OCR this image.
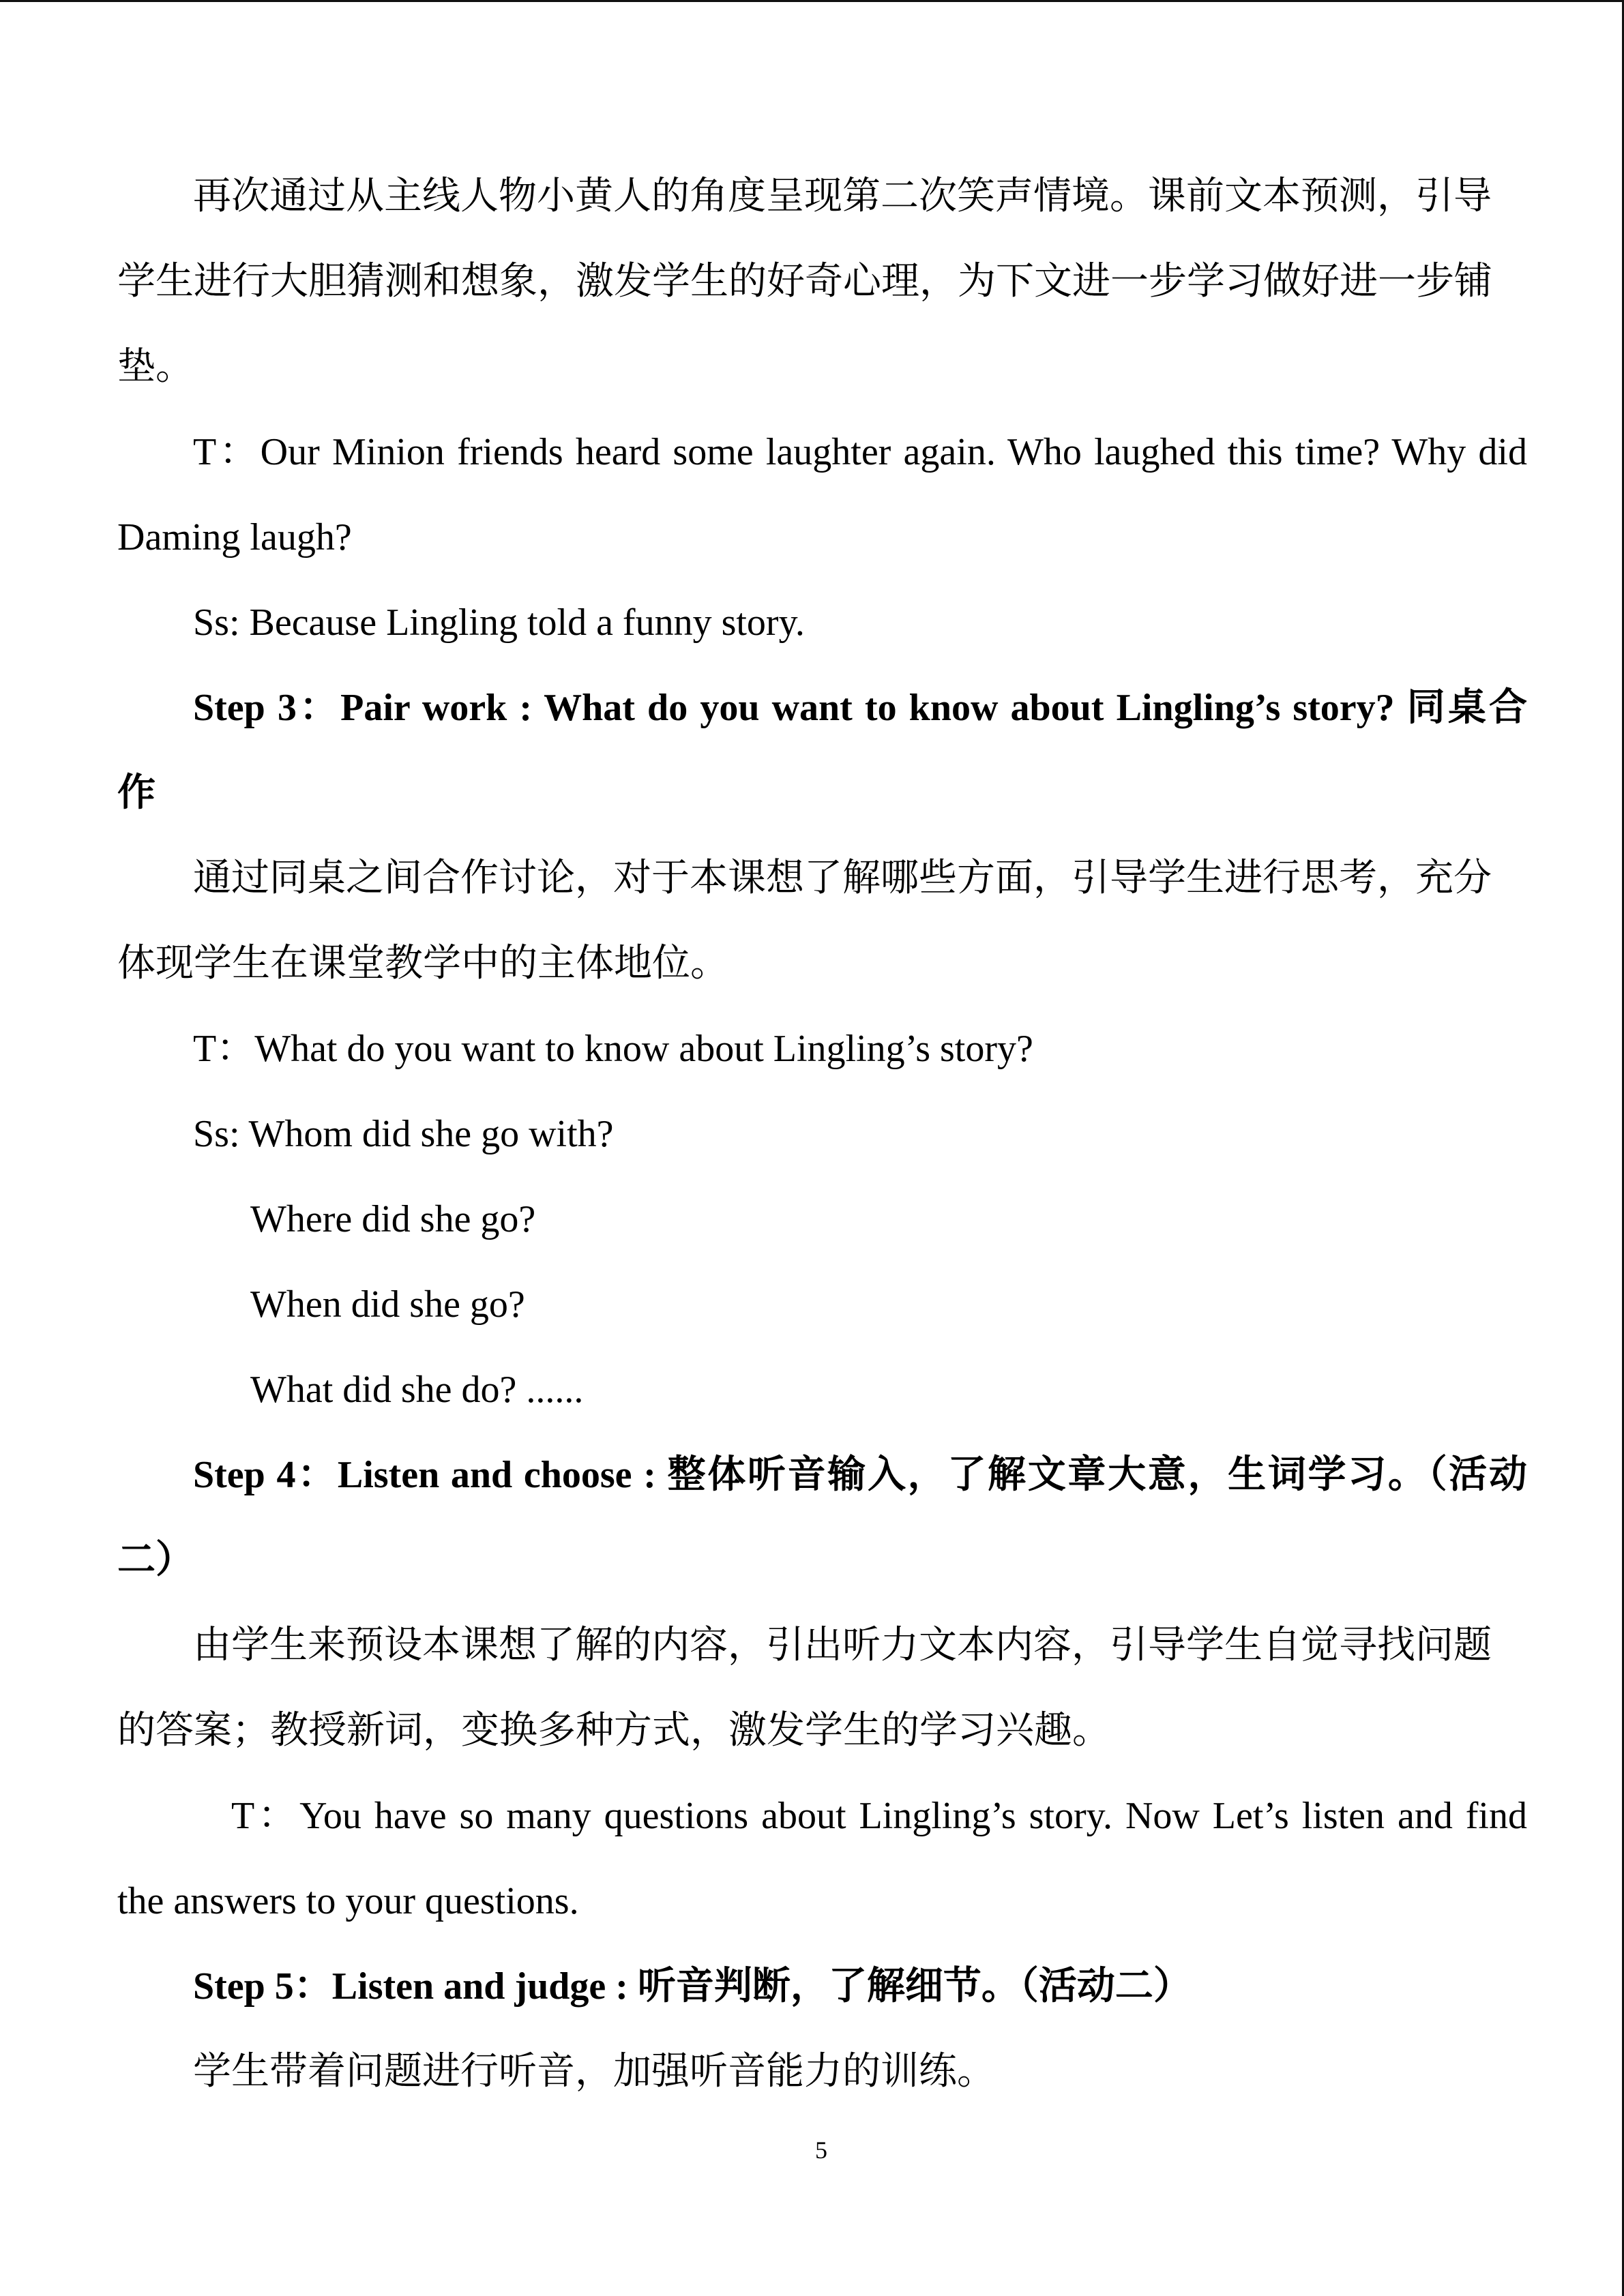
再次通过从主线人物小黄人的角度呈现第二次笑声情境。课前文本预测，引导
学生进行大胆猜测和想象，激发学生的好奇心理，为下文进一步学习做好进一步铺
垫。
T：Our Minion friends heard some laughter again. Who laughed this time? Why did
Daming laugh?
Ss: Because Lingling told a funny story.
Step 3：Pair work : What do you want to know about Lingling’s story? 同桌合
作
通过同桌之间合作讨论，对于本课想了解哪些方面，引导学生进行思考，充分
体现学生在课堂教学中的主体地位。
T：What do you want to know about Lingling’s story?
Ss: Whom did she go with?
Where did she go?
When did she go?
What did she do? ......
Step 4：Listen and choose : 整体听音输入，了解文章大意，生词学习。（活动
二）
由学生来预设本课想了解的内容，引出听力文本内容，引导学生自觉寻找问题
的答案；教授新词，变换多种方式，激发学生的学习兴趣。
T：You have so many questions about Lingling’s story. Now Let’s listen and find
the answers to your questions.
Step 5：Listen and judge : 听音判断，了解细节。（活动二）
学生带着问题进行听音，加强听音能力的训练。
5
